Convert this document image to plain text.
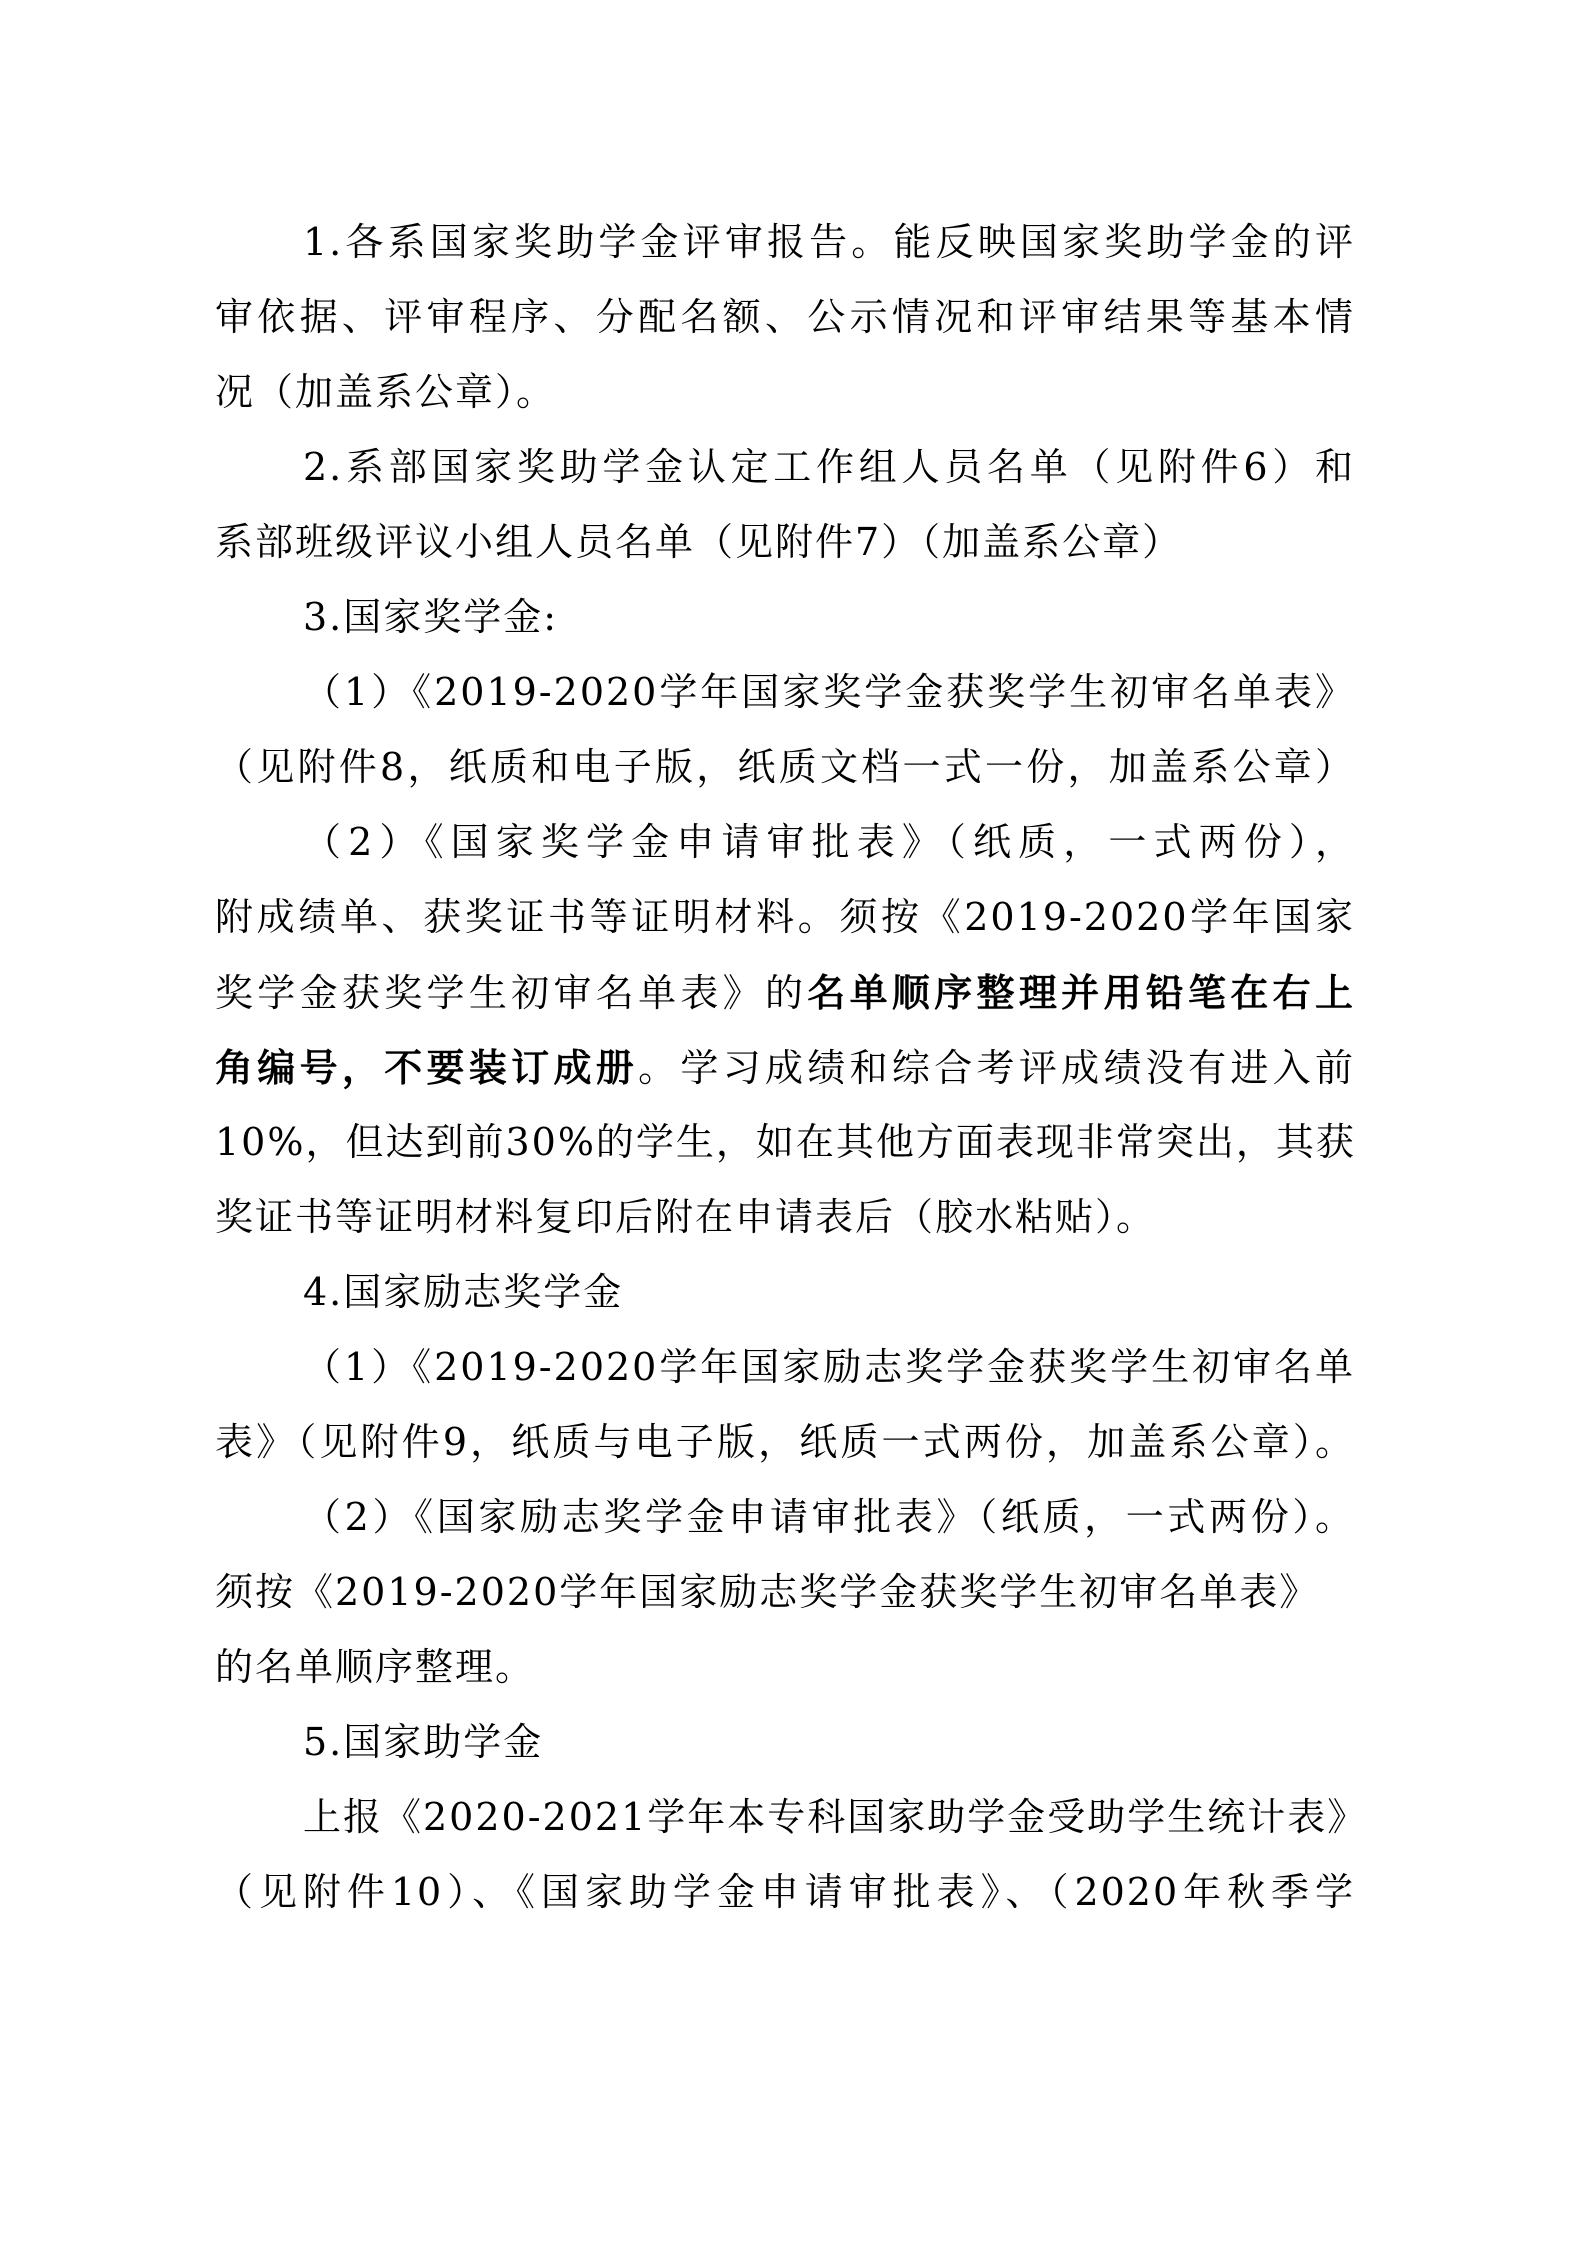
1.各系国家奖助学金评审报告。能反映国家奖助学金的评
审依据、评审程序、分配名额、公示情况和评审结果等基本情
况（加盖系公章）。
2.系部国家奖助学金认定工作组人员名单（见附件6）和
系部班级评议小组人员名单（见附件7）（加盖系公章）
3.国家奖学金:
（1）《2019-2020学年国家奖学金获奖学生初审名单表》
（见附件8，纸质和电子版，纸质文档一式一份，加盖系公章）
（2）《国家奖学金申请审批表》（纸质，一式两份），
附成绩单、获奖证书等证明材料。须按《2019-2020学年国家
奖学金获奖学生初审名单表》的名单顺序整理并用铅笔在右上
角编号，不要装订成册。学习成绩和综合考评成绩没有进入前
10%，但达到前30%的学生，如在其他方面表现非常突出，其获
奖证书等证明材料复印后附在申请表后（胶水粘贴）。
4.国家励志奖学金
（1）《2019-2020学年国家励志奖学金获奖学生初审名单
表》（见附件9，纸质与电子版，纸质一式两份，加盖系公章）。
（2）《国家励志奖学金申请审批表》（纸质，一式两份）。
须按《2019-2020学年国家励志奖学金获奖学生初审名单表》
的名单顺序整理。
5.国家助学金
上报《2020-2021学年本专科国家助学金受助学生统计表》
（见附件10）、《国家助学金申请审批表》、（2020年秋季学
